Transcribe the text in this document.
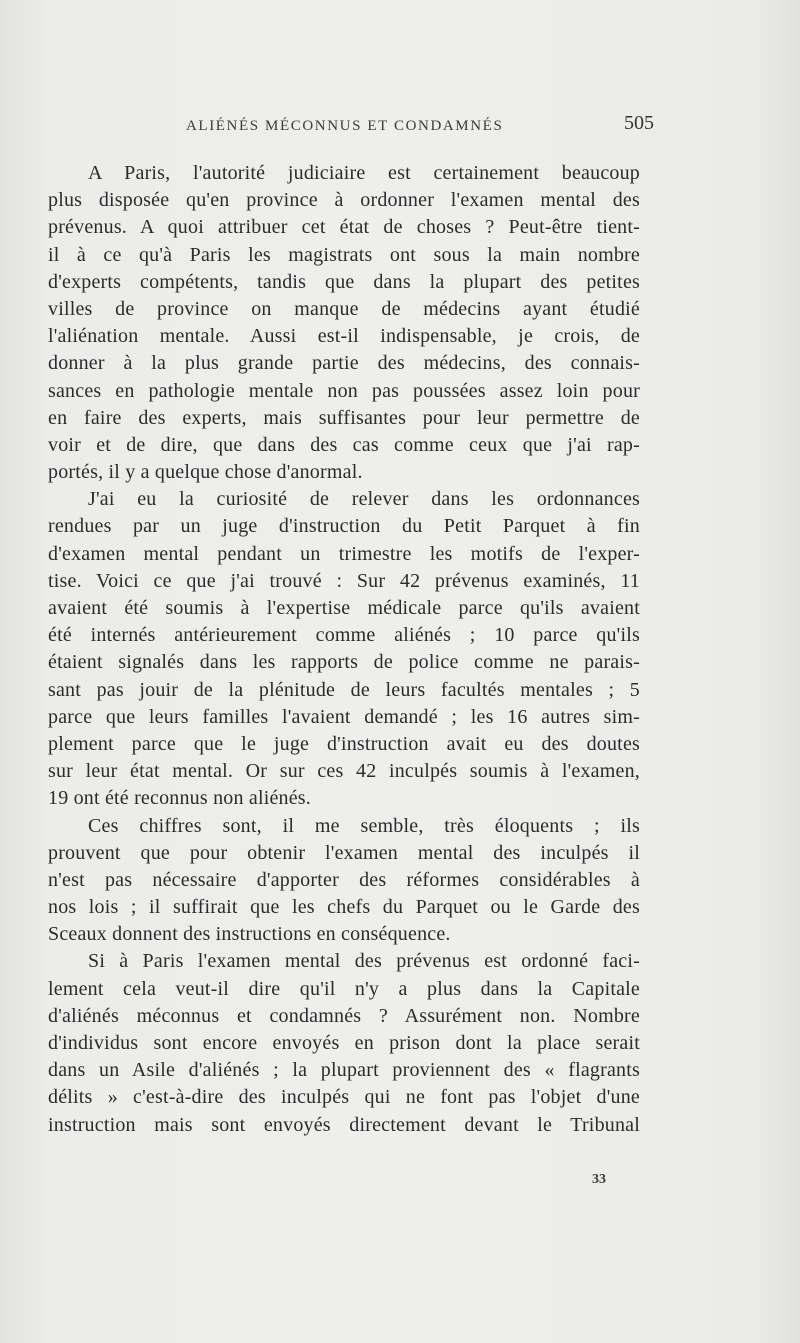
ALIÉNÉS MÉCONNUS ET CONDAMNÉS	505
A Paris, l'autorité judiciaire est certainement beaucoup
plus disposée qu'en province à ordonner l'examen mental des
prévenus. A quoi attribuer cet état de choses ? Peut-être tient-
il à ce qu'à Paris les magistrats ont sous la main nombre
d'experts compétents, tandis que dans la plupart des petites
villes de province on manque de médecins ayant étudié
l'aliénation mentale. Aussi est-il indispensable, je crois, de
donner à la plus grande partie des médecins, des connais-
sances en pathologie mentale non pas poussées assez loin pour
en faire des experts, mais suffisantes pour leur permettre de
voir et de dire, que dans des cas comme ceux que j'ai rap-
portés, il y a quelque chose d'anormal.
J'ai eu la curiosité de relever dans les ordonnances
rendues par un juge d'instruction du Petit Parquet à fin
d'examen mental pendant un trimestre les motifs de l'exper-
tise. Voici ce que j'ai trouvé : Sur 42 prévenus examinés, 11
avaient été soumis à l'expertise médicale parce qu'ils avaient
été internés antérieurement comme aliénés ; 10 parce qu'ils
étaient signalés dans les rapports de police comme ne parais-
sant pas jouir de la plénitude de leurs facultés mentales ; 5
parce que leurs familles l'avaient demandé ; les 16 autres sim-
plement parce que le juge d'instruction avait eu des doutes
sur leur état mental. Or sur ces 42 inculpés soumis à l'examen,
19 ont été reconnus non aliénés.
Ces chiffres sont, il me semble, très éloquents ; ils
prouvent que pour obtenir l'examen mental des inculpés il
n'est pas nécessaire d'apporter des réformes considérables à
nos lois ; il suffirait que les chefs du Parquet ou le Garde des
Sceaux donnent des instructions en conséquence.
Si à Paris l'examen mental des prévenus est ordonné faci-
lement cela veut-il dire qu'il n'y a plus dans la Capitale
d'aliénés méconnus et condamnés ? Assurément non. Nombre
d'individus sont encore envoyés en prison dont la place serait
dans un Asile d'aliénés ; la plupart proviennent des « flagrants
délits » c'est-à-dire des inculpés qui ne font pas l'objet d'une
instruction mais sont envoyés directement devant le Tribunal
33
